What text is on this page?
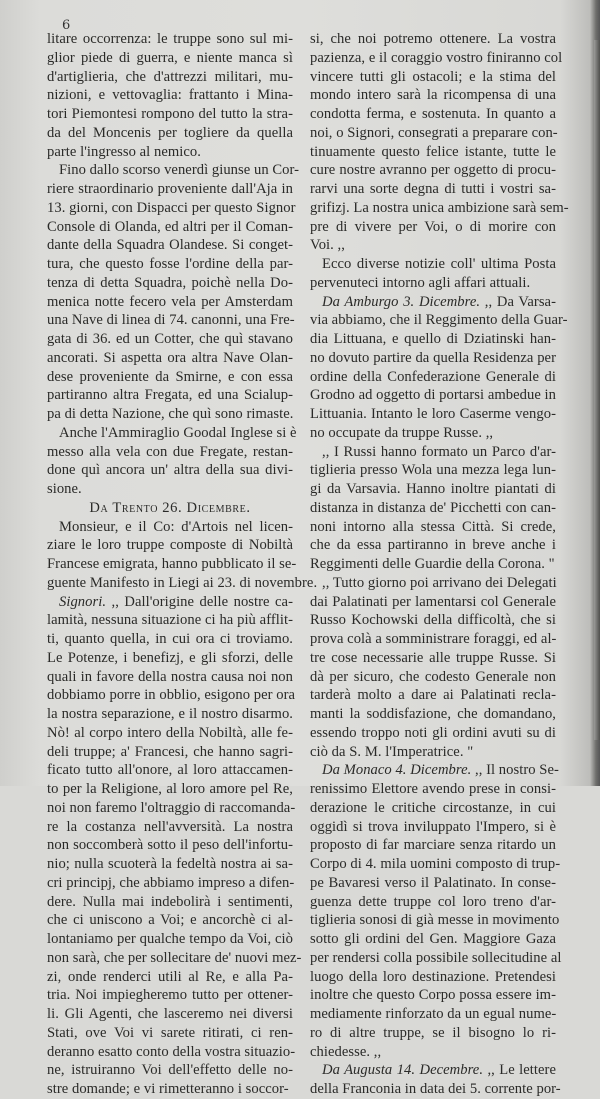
6
litare occorrenza: le truppe sono sul mi-
glior piede di guerra, e niente manca sì
d'artiglieria, che d'attrezzi militari, mu-
nizioni, e vettovaglia: frattanto i Mina-
tori Piemontesi rompono del tutto la stra-
da del Moncenis per togliere da quella
parte l'ingresso al nemico.
Fino dallo scorso venerdì giunse un Cor-
riere straordinario proveniente dall'Aja in
13. giorni, con Dispacci per questo Signor
Console di Olanda, ed altri per il Coman-
dante della Squadra Olandese. Si conget-
tura, che questo fosse l'ordine della par-
tenza di detta Squadra, poichè nella Do-
menica notte fecero vela per Amsterdam
una Nave di linea di 74. canonni, una Fre-
gata di 36. ed un Cotter, che quì stavano
ancorati. Si aspetta ora altra Nave Olan-
dese proveniente da Smirne, e con essa
partiranno altra Fregata, ed una Scialup-
pa di detta Nazione, che quì sono rimaste.
Anche l'Ammiraglio Goodal Inglese si è
messo alla vela con due Fregate, restan-
done quì ancora un' altra della sua divi-
sione.
Da Trento 26. Dicembre.
Monsieur, e il Co: d'Artois nel licen-
ziare le loro truppe composte di Nobiltà
Francese emigrata, hanno pubblicato il se-
guente Manifesto in Liegi ai 23. di novembre.
Signori. ,, Dall'origine delle nostre ca-
lamità, nessuna situazione ci ha più afflit-
ti, quanto quella, in cui ora ci troviamo.
Le Potenze, i benefizj, e gli sforzi, delle
quali in favore della nostra causa noi non
dobbiamo porre in obblio, esigono per ora
la nostra separazione, e il nostro disarmo.
Nò! al corpo intero della Nobiltà, alle fe-
deli truppe; a' Francesi, che hanno sagri-
ficato tutto all'onore, al loro attaccamen-
to per la Religione, al loro amore pel Re,
noi non faremo l'oltraggio di raccomanda-
re la costanza nell'avversità. La nostra
non soccomberà sotto il peso dell'infortu-
nio; nulla scuoterà la fedeltà nostra ai sa-
cri principj, che abbiamo impreso a difen-
dere. Nulla mai indebolirà i sentimenti,
che ci uniscono a Voi; e ancorchè ci al-
lontaniamo per qualche tempo da Voi, ciò
non sarà, che per sollecitare de' nuovi mez-
zi, onde renderci utili al Re, e alla Pa-
tria. Noi impiegheremo tutto per ottener-
li. Gli Agenti, che lasceremo nei diversi
Stati, ove Voi vi sarete ritirati, ci ren-
deranno esatto conto della vostra situazio-
ne, istruiranno Voi dell'effetto delle no-
stre domande; e vi rimetteranno i soccor-
si, che noi potremo ottenere. La vostra
pazienza, e il coraggio vostro finiranno col
vincere tutti gli ostacoli; e la stima del
mondo intero sarà la ricompensa di una
condotta ferma, e sostenuta. In quanto a
noi, o Signori, consegrati a preparare con-
tinuamente questo felice istante, tutte le
cure nostre avranno per oggetto di procu-
rarvi una sorte degna di tutti i vostri sa-
grifizj. La nostra unica ambizione sarà sem-
pre di vivere per Voi, o di morire con
Voi. ,,
Ecco diverse notizie coll' ultima Posta
pervenuteci intorno agli affari attuali.
Da Amburgo 3. Dicembre. ,, Da Varsa-
via abbiamo, che il Reggimento della Guar-
dia Littuana, e quello di Dziatinski han-
no dovuto partire da quella Residenza per
ordine della Confederazione Generale di
Grodno ad oggetto di portarsi ambedue in
Littuania. Intanto le loro Caserme vengo-
no occupate da truppe Russe. ,,
,, I Russi hanno formato un Parco d'ar-
tiglieria presso Wola una mezza lega lun-
gi da Varsavia. Hanno inoltre piantati di
distanza in distanza de' Picchetti con can-
noni intorno alla stessa Città. Si crede,
che da essa partiranno in breve anche i
Reggimenti delle Guardie della Corona. "
,, Tutto giorno poi arrivano dei Delegati
dai Palatinati per lamentarsi col Generale
Russo Kochowski della difficoltà, che si
prova colà a somministrare foraggi, ed al-
tre cose necessarie alle truppe Russe. Si
dà per sicuro, che codesto Generale non
tarderà molto a dare ai Palatinati recla-
manti la soddisfazione, che domandano,
essendo troppo noti gli ordini avuti su di
ciò da S. M. l'Imperatrice. "
Da Monaco 4. Dicembre. ,, Il nostro Se-
renissimo Elettore avendo prese in consi-
derazione le critiche circostanze, in cui
oggidì si trova inviluppato l'Impero, si è
proposto di far marciare senza ritardo un
Corpo di 4. mila uomini composto di trup-
pe Bavaresi verso il Palatinato. In conse-
guenza dette truppe col loro treno d'ar-
tiglieria sonosi di già messe in movimento
sotto gli ordini del Gen. Maggiore Gaza
per rendersi colla possibile sollecitudine al
luogo della loro destinazione. Pretendesi
inoltre che questo Corpo possa essere im-
mediamente rinforzato da un egual nume-
ro di altre truppe, se il bisogno lo ri-
chiedesse. ,,
Da Augusta 14. Decembre. ,, Le lettere
della Franconia in data dei 5. corrente por-
